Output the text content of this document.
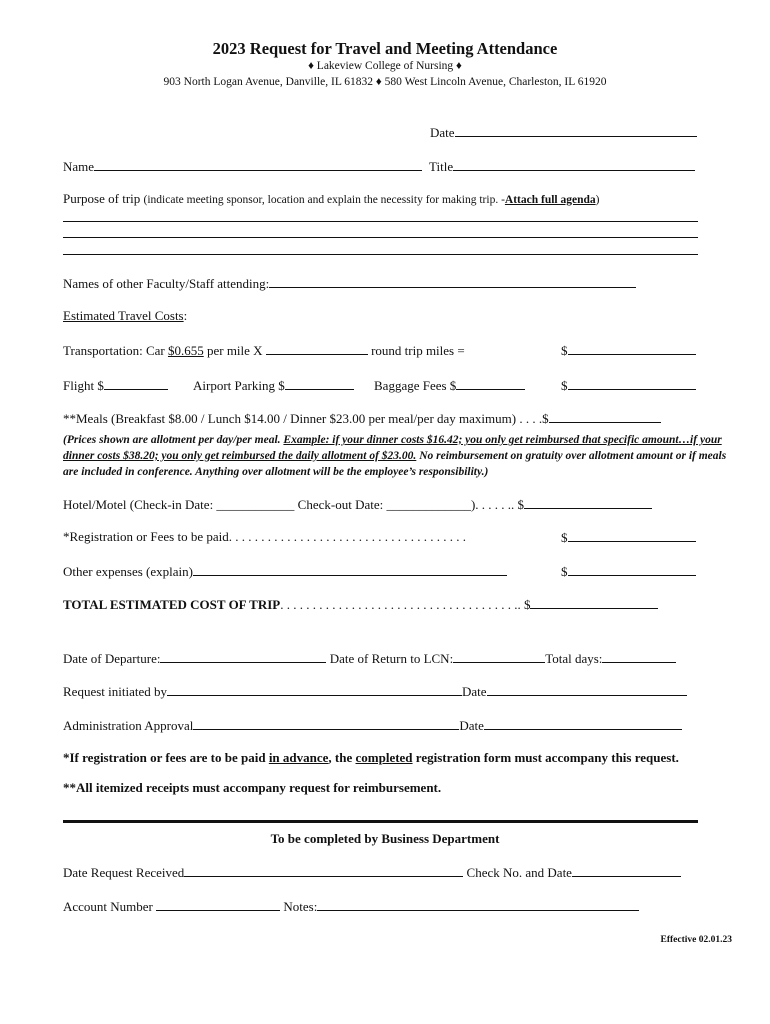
2023 Request for Travel and Meeting Attendance
♦ Lakeview College of Nursing ♦
903 North Logan Avenue, Danville, IL 61832 ♦ 580 West Lincoln Avenue, Charleston, IL 61920
Date
Name	Title
Purpose of trip (indicate meeting sponsor, location and explain the necessity for making trip. -Attach full agenda)
Names of other Faculty/Staff attending:
Estimated Travel Costs:
Transportation: Car $0.655 per mile X	round trip miles =	$
Flight $	Airport Parking $	Baggage Fees $	$
**Meals (Breakfast $8.00 / Lunch $14.00 / Dinner $23.00 per meal/per day maximum) . . . .$
(Prices shown are allotment per day/per meal. Example: if your dinner costs $16.42; you only get reimbursed that specific amount…if your dinner costs $38.20; you only get reimbursed the daily allotment of $23.00. No reimbursement on gratuity over allotment amount or if meals are included in conference. Anything over allotment will be the employee’s responsibility.)
Hotel/Motel (Check-in Date: ____________ Check-out Date: _____________). . . . . .. $
*Registration or Fees to be paid. . . . . . . . . . . . . . . . . . . . . . . . . . . . . . . . . . . . .	$
Other expenses (explain)	$
TOTAL ESTIMATED COST OF TRIP. . . . . . . . . . . . . . . . . . . . . . . . . . . . . . . . . . . . .. $
Date of Departure:	Date of Return to LCN:	Total days:
Request initiated by	Date
Administration Approval	Date
*If registration or fees are to be paid in advance, the completed registration form must accompany this request.
**All itemized receipts must accompany request for reimbursement.
To be completed by Business Department
Date Request Received	Check No. and Date
Account Number	Notes:
Effective 02.01.23
